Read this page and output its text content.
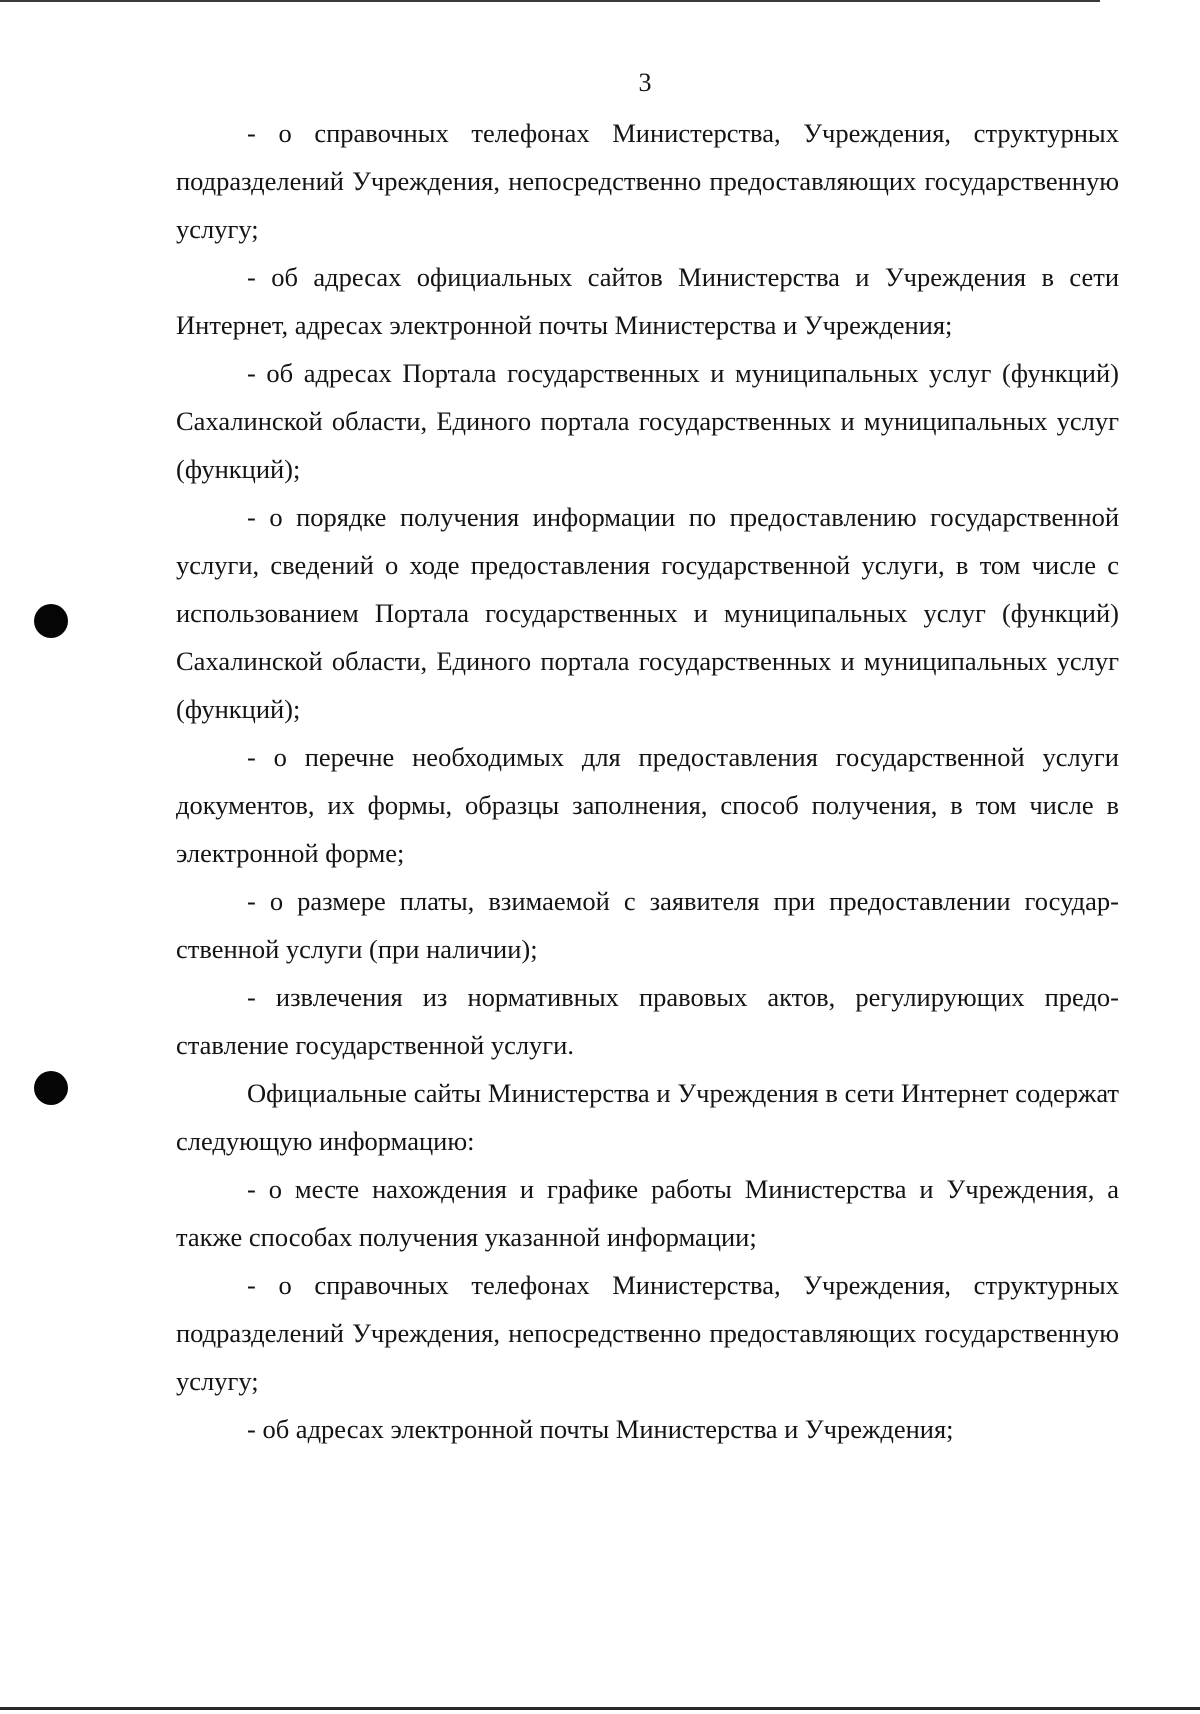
3

- о справочных телефонах Министерства, Учреждения, структурных подразделений Учреждения, непосредственно предоставляющих государственную услугу;

- об адресах официальных сайтов Министерства и Учреждения в сети Интернет, адресах электронной почты Министерства и Учреждения;

- об адресах Портала государственных и муниципальных услуг (функций) Сахалинской области, Единого портала государственных и муниципальных услуг (функций);

- о порядке получения информации по предоставлению государственной услуги, сведений о ходе предоставления государственной услуги, в том числе с использованием Портала государственных и муниципальных услуг (функций) Сахалинской области, Единого портала государственных и муниципальных услуг (функций);

- о перечне необходимых для предоставления государственной услуги документов, их формы, образцы заполнения, способ получения, в том числе в электронной форме;

- о размере платы, взимаемой с заявителя при предоставлении государственной услуги (при наличии);

- извлечения из нормативных правовых актов, регулирующих предоставление государственной услуги.

Официальные сайты Министерства и Учреждения в сети Интернет содержат следующую информацию:

- о месте нахождения и графике работы Министерства и Учреждения, а также способах получения указанной информации;

- о справочных телефонах Министерства, Учреждения, структурных подразделений Учреждения, непосредственно предоставляющих государственную услугу;

- об адресах электронной почты Министерства и Учреждения;
